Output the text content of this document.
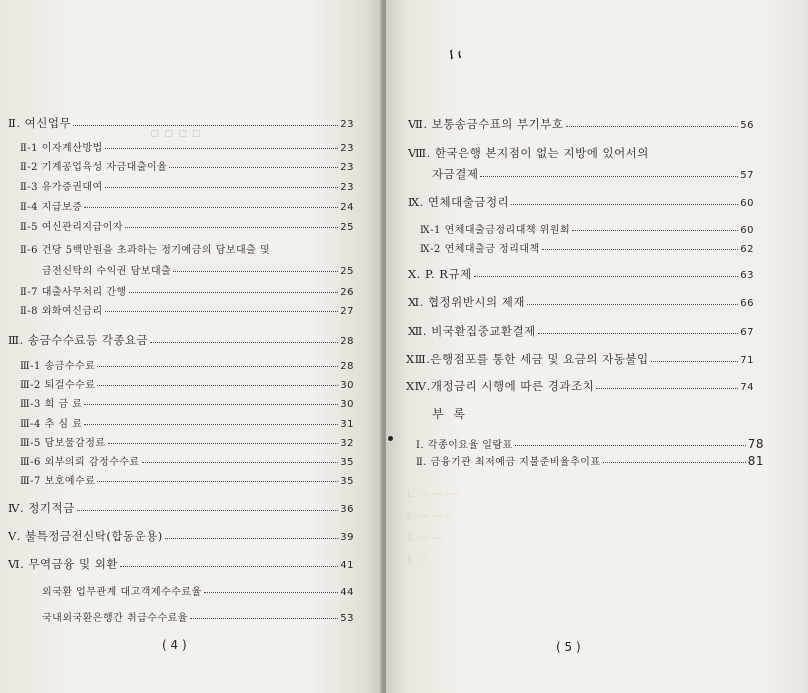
▫ ▫ ▫ ▫
1. ···· ···· ····
2. ···· ···· ··
3. ···· ····
4. ···· ··
Ⅱ. 여신업무	23
Ⅱ-1 이자계산방법	23
Ⅱ-2 기계공업육성 자금대출이율	23
Ⅱ-3 유가증권대여	23
Ⅱ-4 지급보증	24
Ⅱ-5 여신관리지급이자	25
Ⅱ-6 건당 5백만원을 초과하는 정기예금의 담보대출 및
금전신탁의 수익권 담보대출	25
Ⅱ-7 대출사무처리 간행	26
Ⅱ-8 외화여신금리	27
Ⅲ. 송금수수료등 각종요금	28
Ⅲ-1 송금수수료	28
Ⅲ-2 퇴걸수수료	30
Ⅲ-3 희 금 료	30
Ⅲ-4 추 심 료	31
Ⅲ-5 담보물감정료	32
Ⅲ-6 외부의뢰 감정수수료	35
Ⅲ-7 보호예수료	35
Ⅳ. 정기적금	36
Ⅴ. 불특정금전신탁(합동운용)	39
Ⅵ. 무역금융 및 외환	41
외국환 업무관계 대고객제수수료율	44
국내외국환은행간 취급수수료율	53
( 4 )
ﾆ
Ⅶ. 보통송금수표의 부기부호	56
Ⅷ. 한국은행 본지점이 없는 지방에 있어서의
자금결제	57
Ⅸ. 연체대출금정리	60
Ⅸ-1 연체대출금정리대책 위원회	60
Ⅸ-2 연체대출금 정리대책	62
Ⅹ. P. R규제	63
Ⅺ. 협정위반시의 제재	66
Ⅻ. 비국환집중교환결제	67
XⅢ.은행점포를 통한 세금 및 요금의 자동불입	71
XⅣ.개정금리 시행에 따른 경과조치	74
부 록
Ⅰ. 각종이요율 일람표	78
Ⅱ. 금융기관 최저예금 지불준비율추이표	81
( 5 )
